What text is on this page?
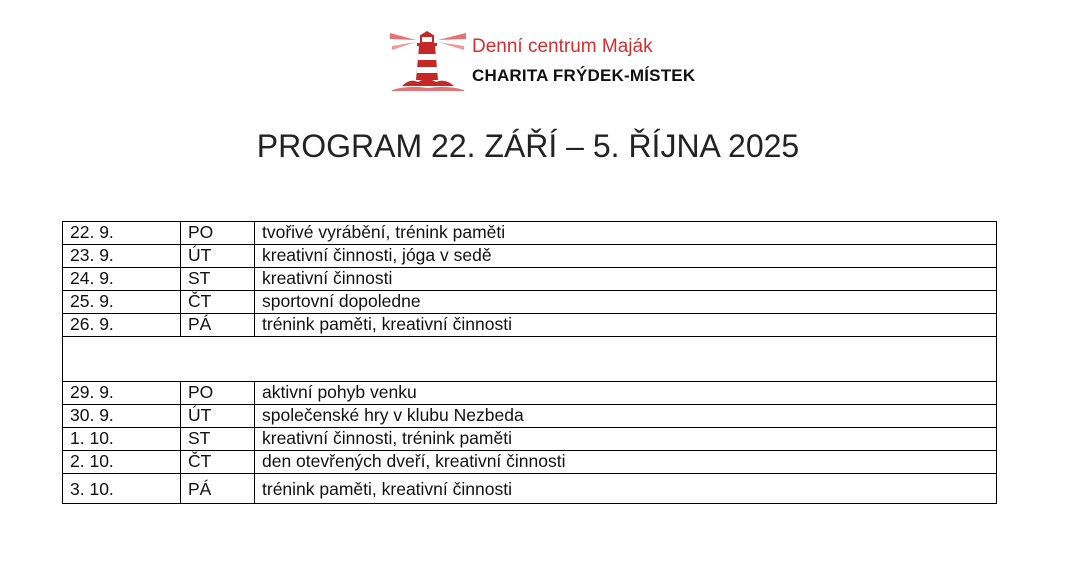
Denní centrum Maják
CHARITA FRÝDEK-MÍSTEK
PROGRAM 22. ZÁŘÍ – 5. ŘÍJNA 2025
22. 9.	PO	tvořivé vyrábění, trénink paměti
23. 9.	ÚT	kreativní činnosti, jóga v sedě
24. 9.	ST	kreativní činnosti
25. 9.	ČT	sportovní dopoledne
26. 9.	PÁ	trénink paměti, kreativní činnosti

29. 9.	PO	aktivní pohyb venku
30. 9.	ÚT	společenské hry v klubu Nezbeda
1. 10.	ST	kreativní činnosti, trénink paměti
2. 10.	ČT	den otevřených dveří, kreativní činnosti
3. 10.	PÁ	trénink paměti, kreativní činnosti
